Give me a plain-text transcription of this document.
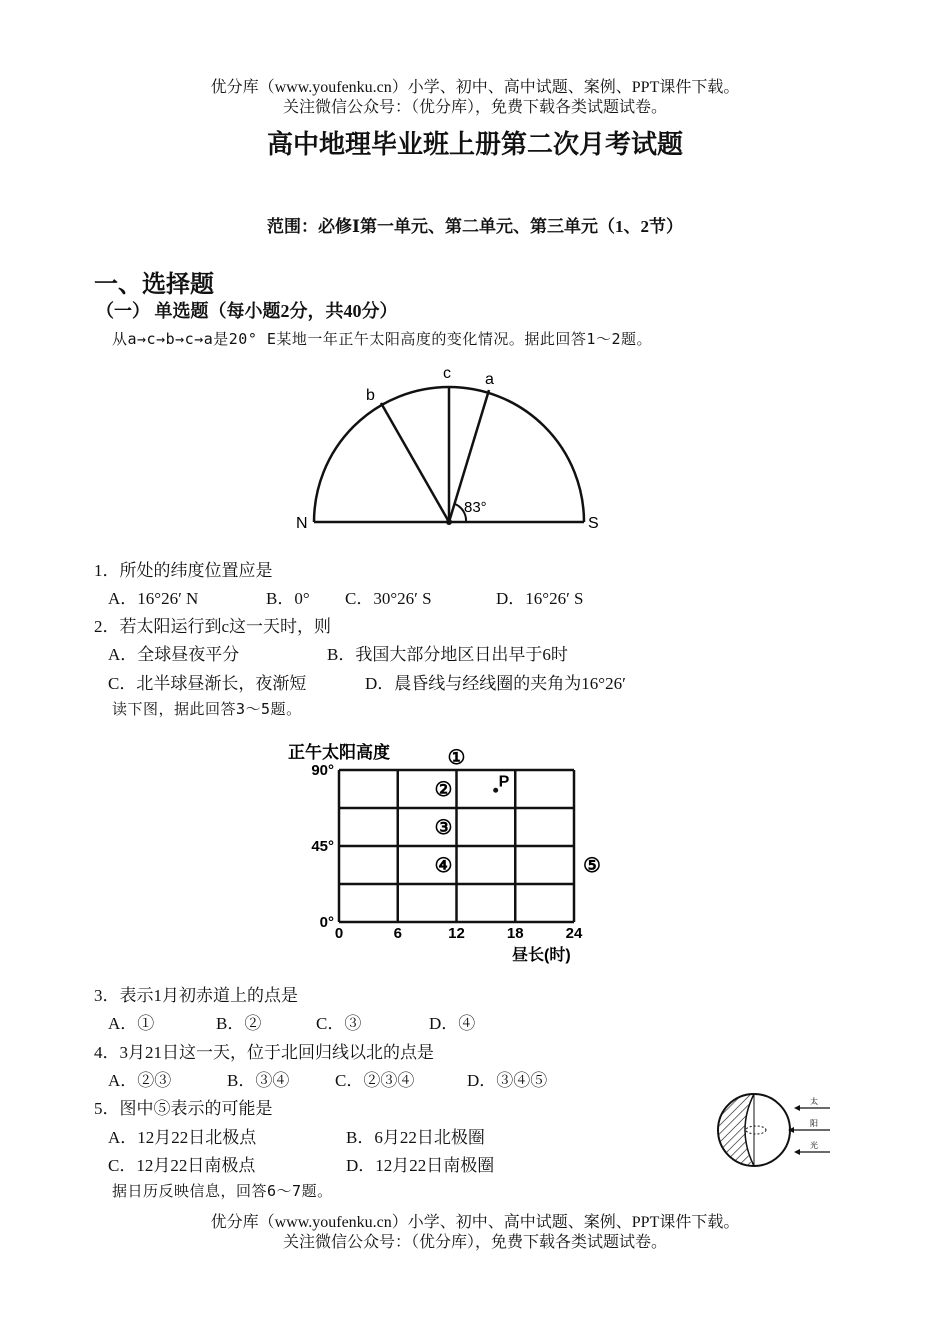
优分库（www.youfenku.cn）小学、初中、高中试题、案例、PPT课件下载。
关注微信公众号：（优分库），免费下载各类试题试卷。
高中地理毕业班上册第二次月考试题
范围：必修Ⅰ第一单元、第二单元、第三单元（1、2节）
一、选择题
（一） 单选题（每小题2分，共40分）
从a→c→b→c→a是20° E某地一年正午太阳高度的变化情况。据此回答1～2题。
b
c a
N	S
83°
1．所处的纬度位置应是
A．16°26′ N	B．0° C．30°26′ S	D．16°26′ S
2．若太阳运行到c这一天时，则
A．全球昼夜平分	B．我国大部分地区日出早于6时
C．北半球昼渐长，夜渐短	D．晨昏线与经线圈的夹角为16°26′
读下图，据此回答3～5题。
正午太阳高度
昼长(时)
90°
45°
0°
0	6	12	18	24
①
②
③
④	⑤
P
3．表示1月初赤道上的点是
A．①	B．②	C．③	D．④
4．3月21日这一天，位于北回归线以北的点是
A．②③	B．③④	C．②③④	D．③④⑤
5．图中⑤表示的可能是
A．12月22日北极点	B．6月22日北极圈
C．12月22日南极点	D．12月22日南极圈
太
阳
光
据日历反映信息，回答6～7题。
优分库（www.youfenku.cn）小学、初中、高中试题、案例、PPT课件下载。
关注微信公众号：（优分库），免费下载各类试题试卷。
